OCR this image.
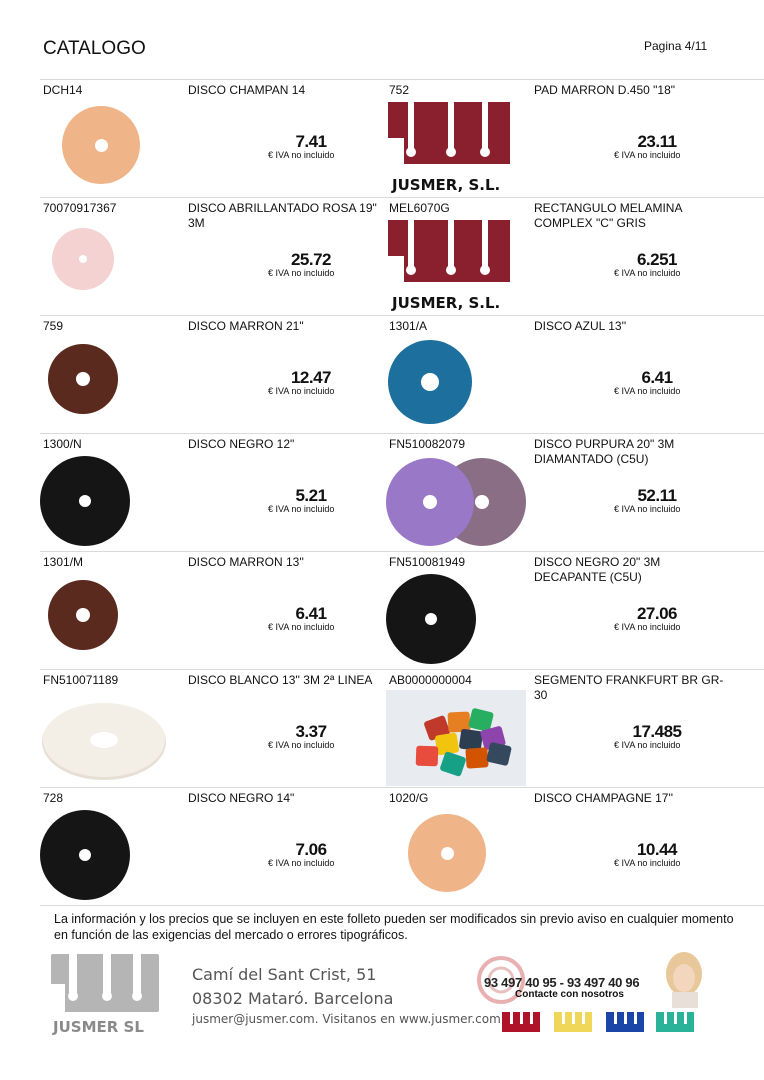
CATALOGO	Pagina 4/11
DCH14	DISCO CHAMPAN 14
7.41
€ IVA no incluido
752	PAD MARRON D.450 "18"
JUSMER, S.L.
23.11
€ IVA no incluido
70070917367	DISCO ABRILLANTADO ROSA 19" 3M
25.72
€ IVA no incluido
MEL6070G	RECTANGULO MELAMINA COMPLEX "C" GRIS
JUSMER, S.L.
6.251
€ IVA no incluido
759	DISCO MARRON 21"
12.47
€ IVA no incluido
1301/A	DISCO AZUL 13''
6.41
€ IVA no incluido
1300/N	DISCO NEGRO 12"
5.21
€ IVA no incluido
FN510082079	DISCO PURPURA 20" 3M DIAMANTADO (C5U)
52.11
€ IVA no incluido
1301/M	DISCO MARRON 13''
6.41
€ IVA no incluido
FN510081949	DISCO NEGRO 20" 3M DECAPANTE (C5U)
27.06
€ IVA no incluido
FN510071189	DISCO BLANCO 13'' 3M 2ª LINEA
3.37
€ IVA no incluido
AB0000000004	SEGMENTO FRANKFURT BR GR-30
17.485
€ IVA no incluido
728	DISCO NEGRO 14"
7.06
€ IVA no incluido
1020/G	DISCO CHAMPAGNE 17''
10.44
€ IVA no incluido
La información y los precios que se incluyen en este folleto pueden ser modificados sin previo aviso en cualquier momento en función de las exigencias del mercado o errores tipográficos.
JUSMER SL
Camí del Sant Crist, 51
08302 Mataró. Barcelona
jusmer@jusmer.com. Visitanos en www.jusmer.com
93 497 40 95 - 93 497 40 96
Contacte con nosotros
